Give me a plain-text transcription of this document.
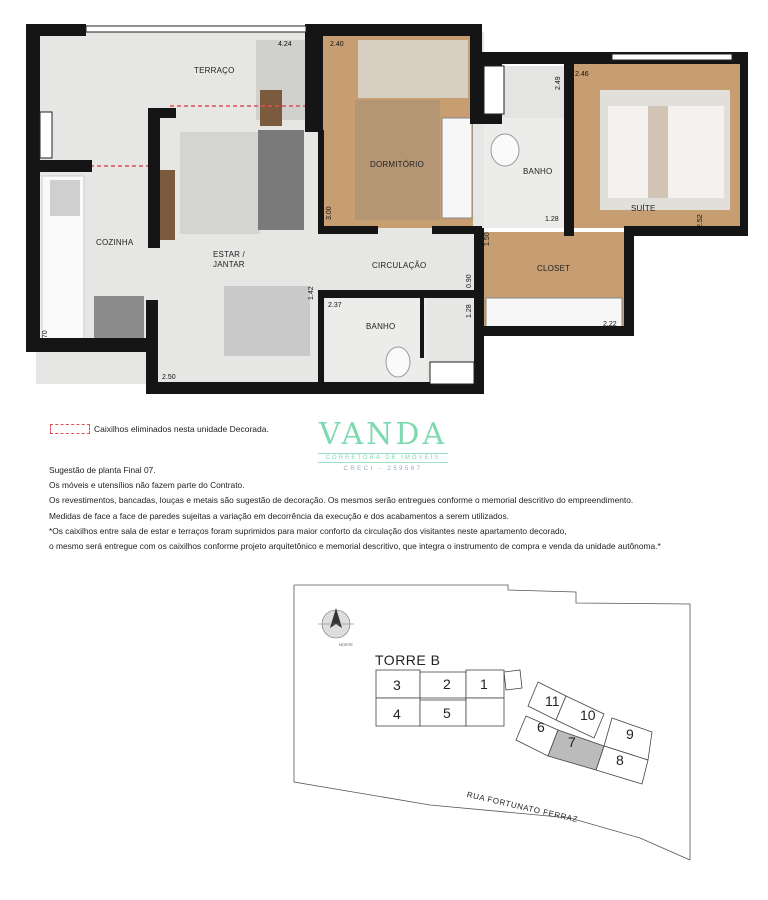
TERRAÇO
DORMITÓRIO
BANHO
SUÍTE
COZINHA
ESTAR /
JANTAR	CIRCULAÇÃO	CLOSET
BANHO
4.24	2.40
2.49
2.46
3.00	1.28	2.52
1.50
0.90
1.42
2.37	1.28
2.22
2.70	1.70
2.50
Caixilhos eliminados nesta unidade Decorada. VANDA
CORRETORA DE IMÓVEIS
CRECI - 259567
Sugestão de planta Final 07.
Os móveis e utensílios não fazem parte do Contrato.
Os revestimentos, bancadas, louças e metais são sugestão de decoração. Os mesmos serão entregues conforme o memorial descritivo do empreendimento.
Medidas de face a face de paredes sujeitas a variação em decorrência da execução e dos acabamentos a serem utilizados.
*Os caixilhos entre sala de estar e terraços foram suprimidos para maior conforto da circulação dos visitantes neste apartamento decorado,
o mesmo será entregue com os caixilhos conforme projeto arquitetônico e memorial descritivo, que integra o instrumento de compra e venda da unidade autônoma.*
TORRE B
NORTE
3	2 1
4	5
11
10
9
6
7
8
RUA FORTUNATO FERRAZ
